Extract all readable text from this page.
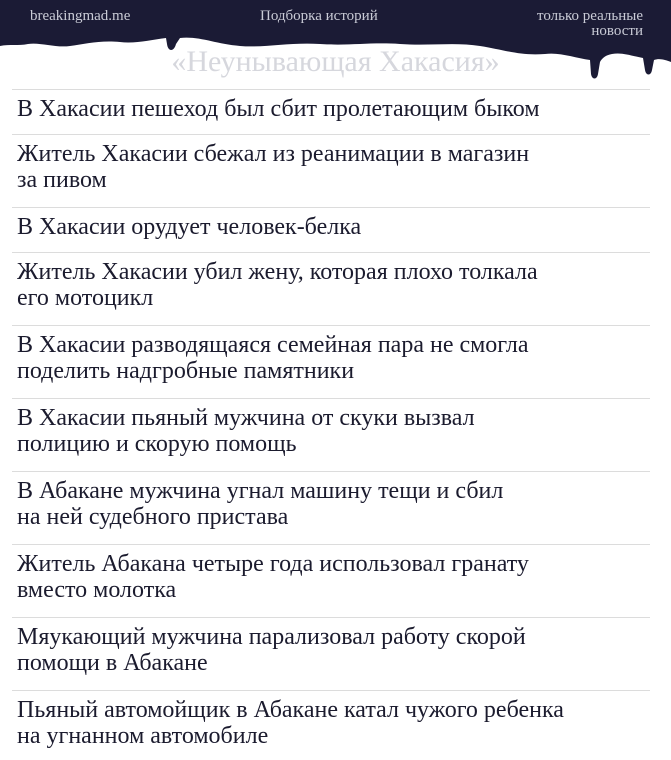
breakingmad.me	Подборка историй	только реальные
новости
«Неунывающая Хакасия»
В Хакасии пешеход был сбит пролетающим быком
Житель Хакасии сбежал из реанимации в магазин
за пивом
В Хакасии орудует человек-белка
Житель Хакасии убил жену, которая плохо толкала
его мотоцикл
В Хакасии разводящаяся семейная пара не смогла
поделить надгробные памятники
В Хакасии пьяный мужчина от скуки вызвал
полицию и скорую помощь
В Абакане мужчина угнал машину тещи и сбил
на ней судебного пристава
Житель Абакана четыре года использовал гранату
вместо молотка
Мяукающий мужчина парализовал работу скорой
помощи в Абакане
Пьяный автомойщик в Абакане катал чужого ребенка
на угнанном автомобиле
